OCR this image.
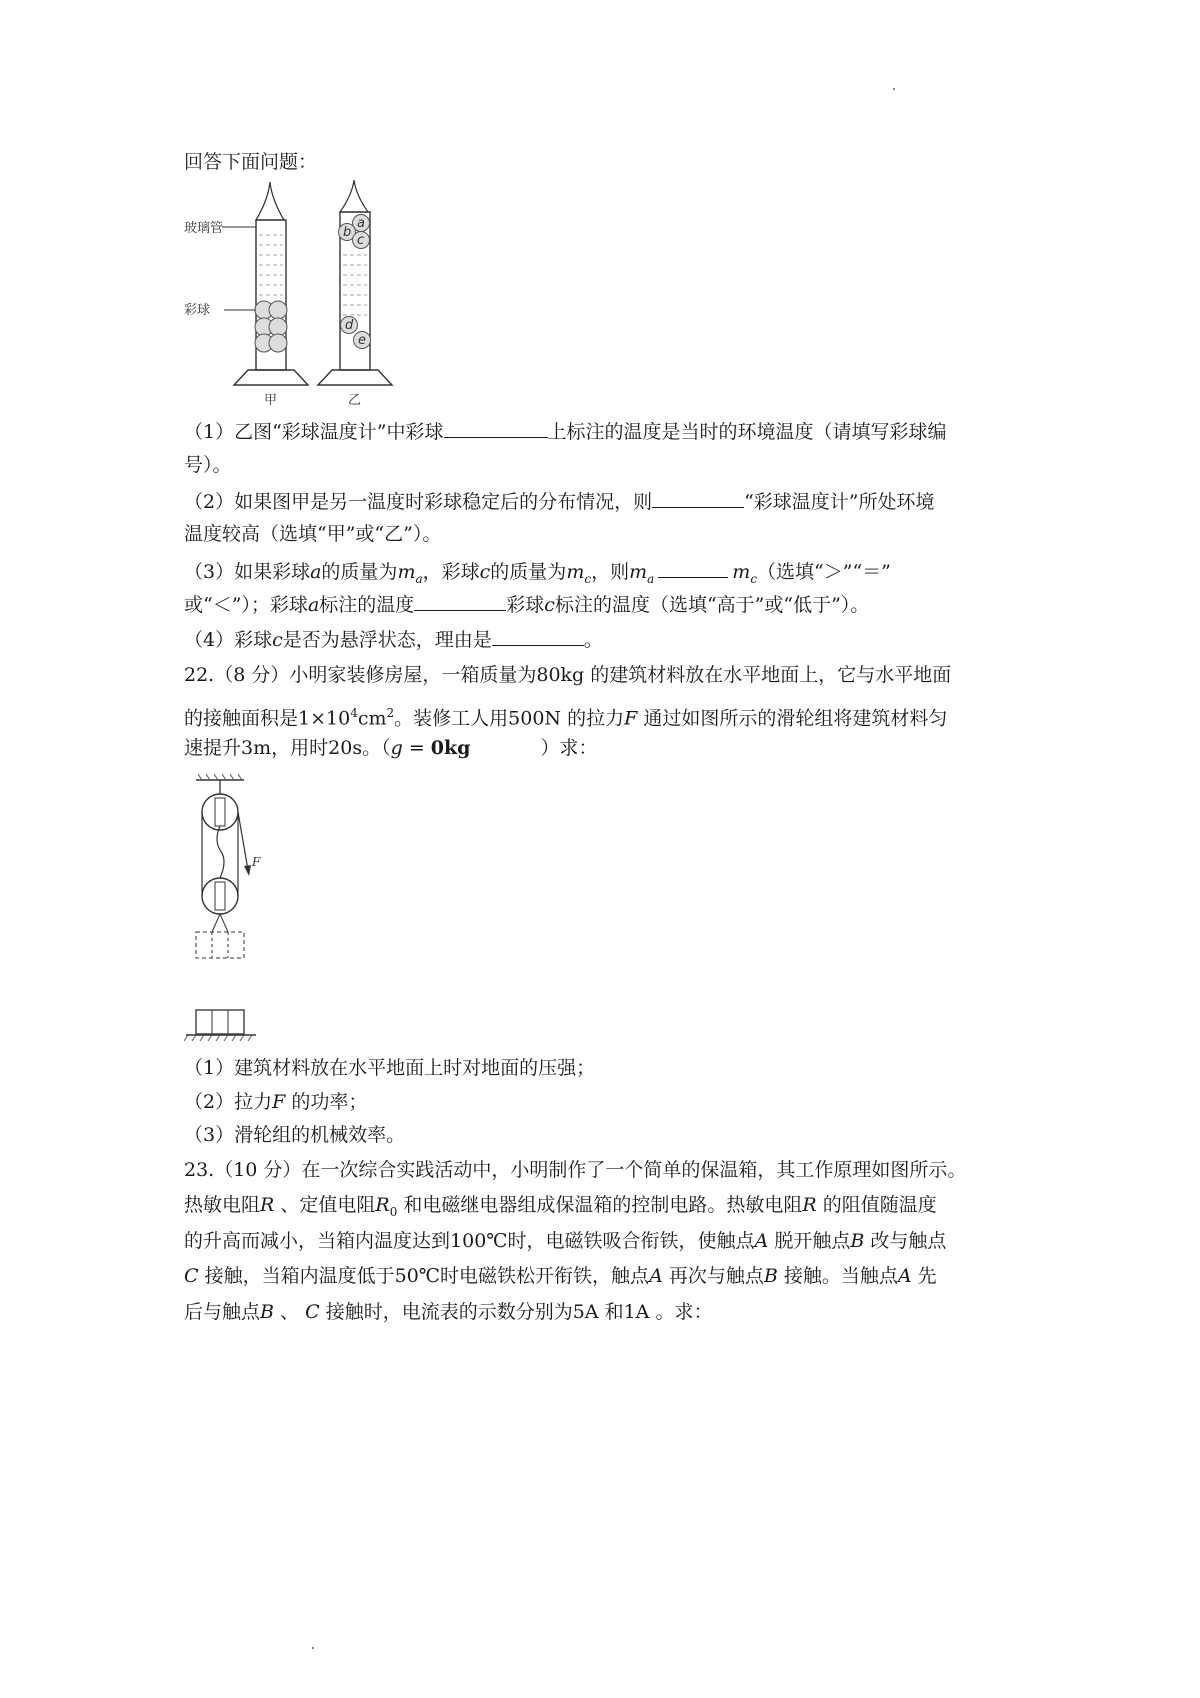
回答下面问题：
a
b
c
d
e
玻璃管
彩球
甲	乙
（1）乙图“彩球温度计”中彩球	上标注的温度是当时的环境温度（请填写彩球编
号）。
（2）如果图甲是另一温度时彩球稳定后的分布情况，则	“彩球温度计”所处环境
温度较高（选填“甲”或“乙”）。
（3）如果彩球a的质量为$m_a$，彩球c的质量为$m_c$，则$m_a$	$m_c$（选填“＞”“＝”
或“＜”）；彩球a标注的温度	彩球c标注的温度（选填“高于”或“低于”）。
（4）彩球c是否为悬浮状态，理由是	。
22.（8 分）小明家装修房屋，一箱质量为80kg 的建筑材料放在水平地面上，它与水平地面
的接触面积是$1\times 10^4cm^2$。装修工人用500N 的拉力F 通过如图所示的滑轮组将建筑材料匀
速提升3m，用时20s。（g = 0kg	）求：
F
（1）建筑材料放在水平地面上时对地面的压强；
（2）拉力F 的功率；
（3）滑轮组的机械效率。
23.（10 分）在一次综合实践活动中，小明制作了一个简单的保温箱，其工作原理如图所示。
热敏电阻R 、定值电阻$R_0$ 和电磁继电器组成保温箱的控制电路。热敏电阻R 的阻值随温度
的升高而减小，当箱内温度达到100℃时，电磁铁吸合衔铁，使触点A 脱开触点B 改与触点
C 接触，当箱内温度低于50℃时电磁铁松开衔铁，触点A 再次与触点B 接触。当触点A 先
后与触点B 、 C 接触时，电流表的示数分别为5A 和1A 。求：
